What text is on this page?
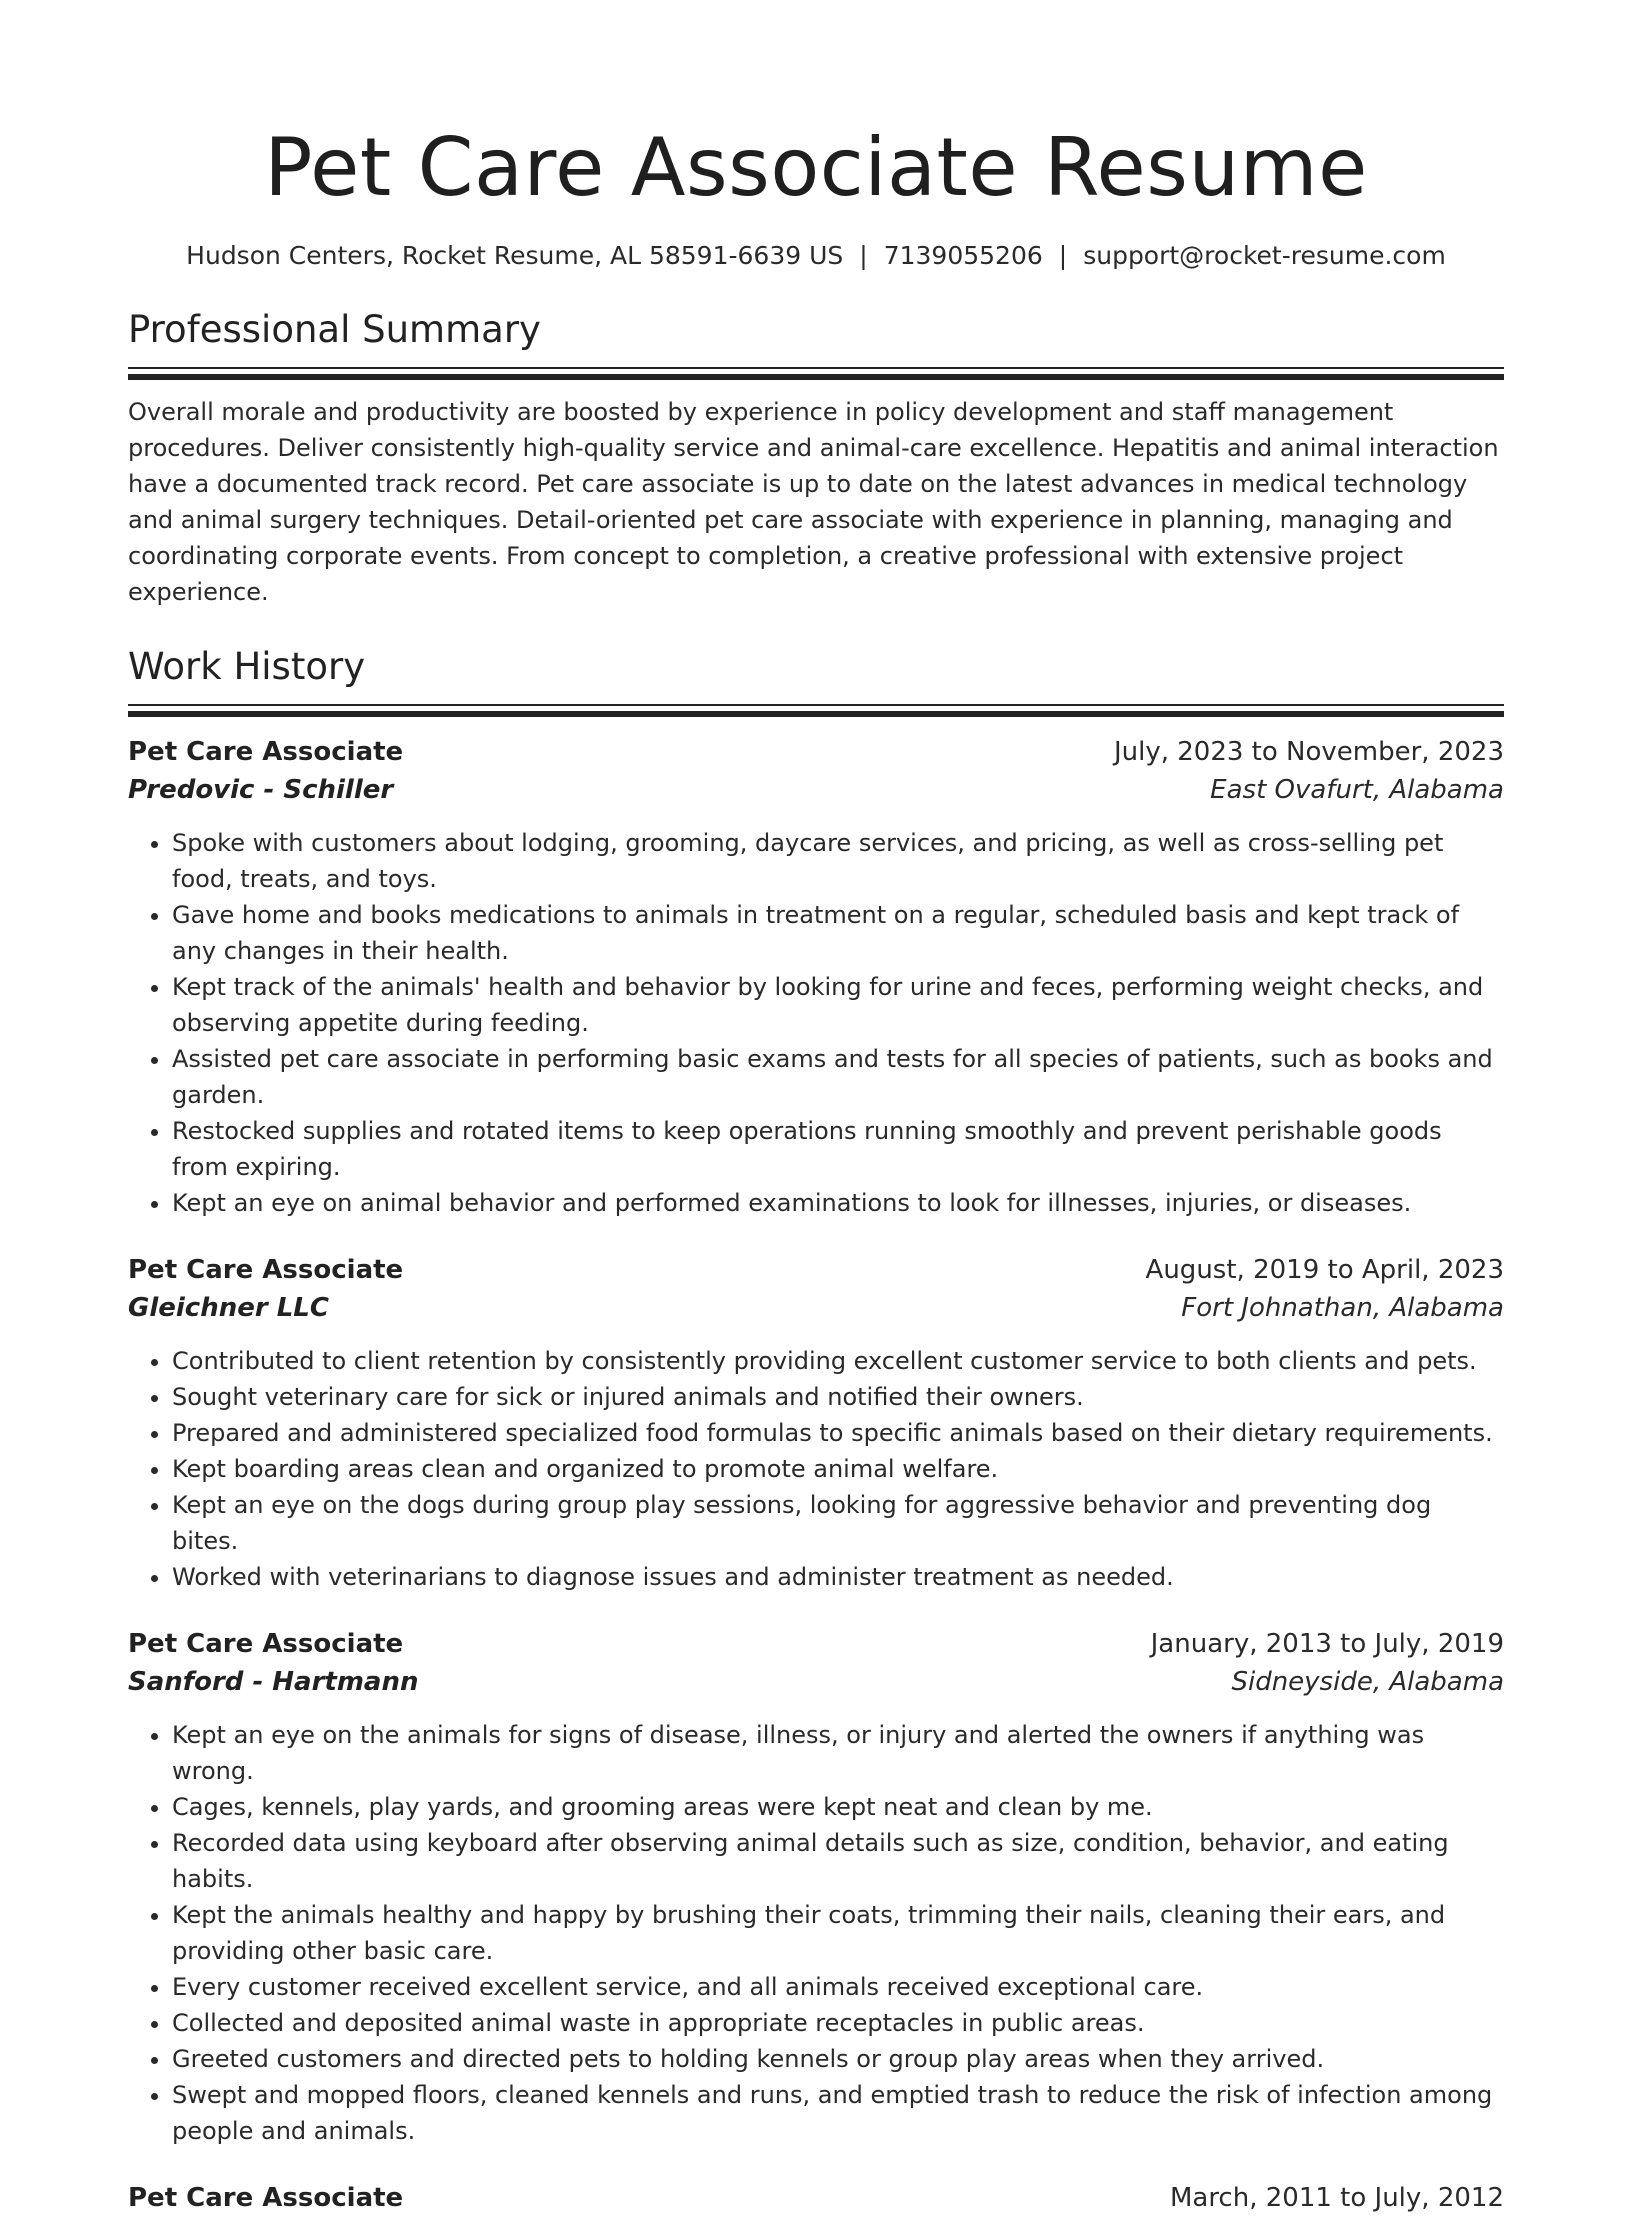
Pet Care Associate Resume
Hudson Centers, Rocket Resume, AL 58591-6639 US | 7139055206 | support@rocket-resume.com
Professional Summary

Overall morale and productivity are boosted by experience in policy development and staff management procedures. Deliver consistently high-quality service and animal-care excellence. Hepatitis and animal interaction have a documented track record. Pet care associate is up to date on the latest advances in medical technology and animal surgery techniques. Detail-oriented pet care associate with experience in planning, managing and coordinating corporate events. From concept to completion, a creative professional with extensive project experience.

Work History
Pet Care Associate	July, 2023 to November, 2023
Predovic - Schiller	East Ovafurt, Alabama
• Spoke with customers about lodging, grooming, daycare services, and pricing, as well as cross-selling pet food, treats, and toys.
• Gave home and books medications to animals in treatment on a regular, scheduled basis and kept track of any changes in their health.
• Kept track of the animals' health and behavior by looking for urine and feces, performing weight checks, and observing appetite during feeding.
• Assisted pet care associate in performing basic exams and tests for all species of patients, such as books and garden.
• Restocked supplies and rotated items to keep operations running smoothly and prevent perishable goods from expiring.
• Kept an eye on animal behavior and performed examinations to look for illnesses, injuries, or diseases.
Pet Care Associate	August, 2019 to April, 2023
Gleichner LLC	Fort Johnathan, Alabama
• Contributed to client retention by consistently providing excellent customer service to both clients and pets.
• Sought veterinary care for sick or injured animals and notified their owners.
• Prepared and administered specialized food formulas to specific animals based on their dietary requirements.
• Kept boarding areas clean and organized to promote animal welfare.
• Kept an eye on the dogs during group play sessions, looking for aggressive behavior and preventing dog bites.
• Worked with veterinarians to diagnose issues and administer treatment as needed.
Pet Care Associate	January, 2013 to July, 2019
Sanford - Hartmann	Sidneyside, Alabama
• Kept an eye on the animals for signs of disease, illness, or injury and alerted the owners if anything was wrong.
• Cages, kennels, play yards, and grooming areas were kept neat and clean by me.
• Recorded data using keyboard after observing animal details such as size, condition, behavior, and eating habits.
• Kept the animals healthy and happy by brushing their coats, trimming their nails, cleaning their ears, and providing other basic care.
• Every customer received excellent service, and all animals received exceptional care.
• Collected and deposited animal waste in appropriate receptacles in public areas.
• Greeted customers and directed pets to holding kennels or group play areas when they arrived.
• Swept and mopped floors, cleaned kennels and runs, and emptied trash to reduce the risk of infection among people and animals.
Pet Care Associate	March, 2011 to July, 2012
